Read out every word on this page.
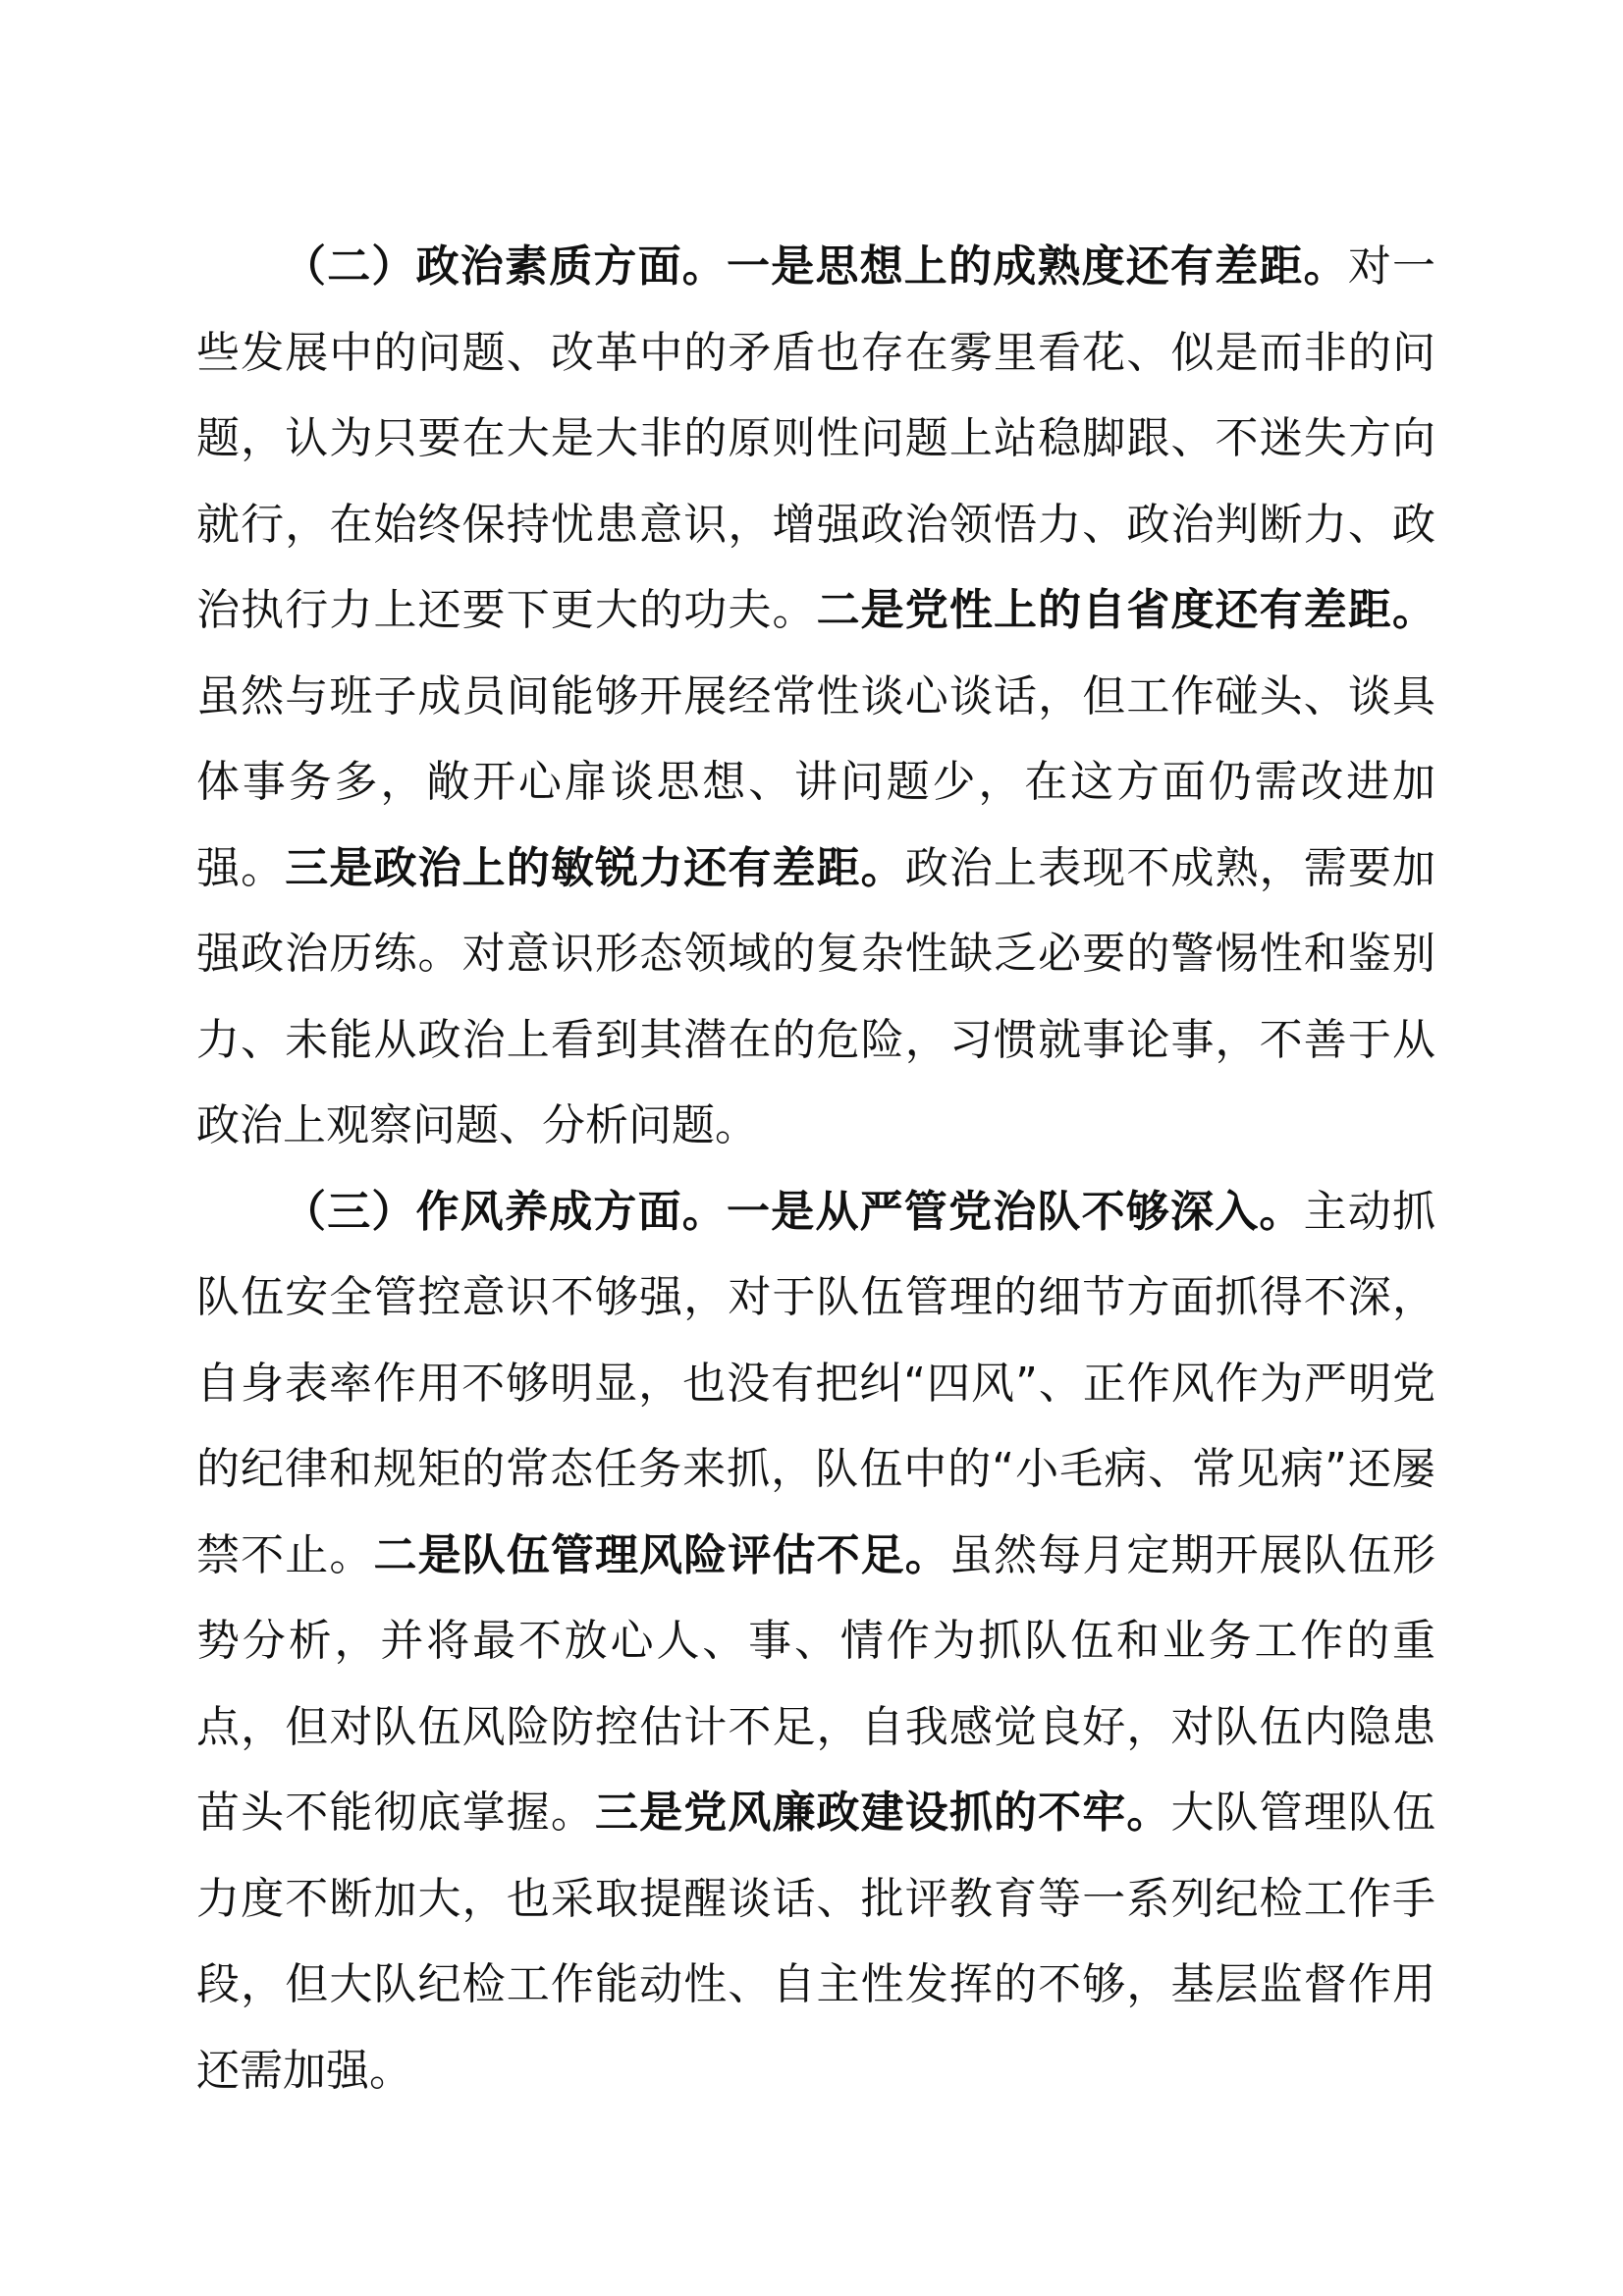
（二）政治素质方面。一是思想上的成熟度还有差距。对一些发展中的问题、改革中的矛盾也存在雾里看花、似是而非的问题，认为只要在大是大非的原则性问题上站稳脚跟、不迷失方向就行，在始终保持忧患意识，增强政治领悟力、政治判断力、政治执行力上还要下更大的功夫。二是党性上的自省度还有差距。虽然与班子成员间能够开展经常性谈心谈话，但工作碰头、谈具体事务多，敞开心扉谈思想、讲问题少，在这方面仍需改进加强。三是政治上的敏锐力还有差距。政治上表现不成熟，需要加强政治历练。对意识形态领域的复杂性缺乏必要的警惕性和鉴别力、未能从政治上看到其潜在的危险，习惯就事论事，不善于从政治上观察问题、分析问题。

（三）作风养成方面。一是从严管党治队不够深入。主动抓队伍安全管控意识不够强，对于队伍管理的细节方面抓得不深，自身表率作用不够明显，也没有把纠“四风”、正作风作为严明党的纪律和规矩的常态任务来抓，队伍中的“小毛病、常见病”还屡禁不止。二是队伍管理风险评估不足。虽然每月定期开展队伍形势分析，并将最不放心人、事、情作为抓队伍和业务工作的重点，但对队伍风险防控估计不足，自我感觉良好，对队伍内隐患苗头不能彻底掌握。三是党风廉政建设抓的不牢。大队管理队伍力度不断加大，也采取提醒谈话、批评教育等一系列纪检工作手段，但大队纪检工作能动性、自主性发挥的不够，基层监督作用还需加强。
